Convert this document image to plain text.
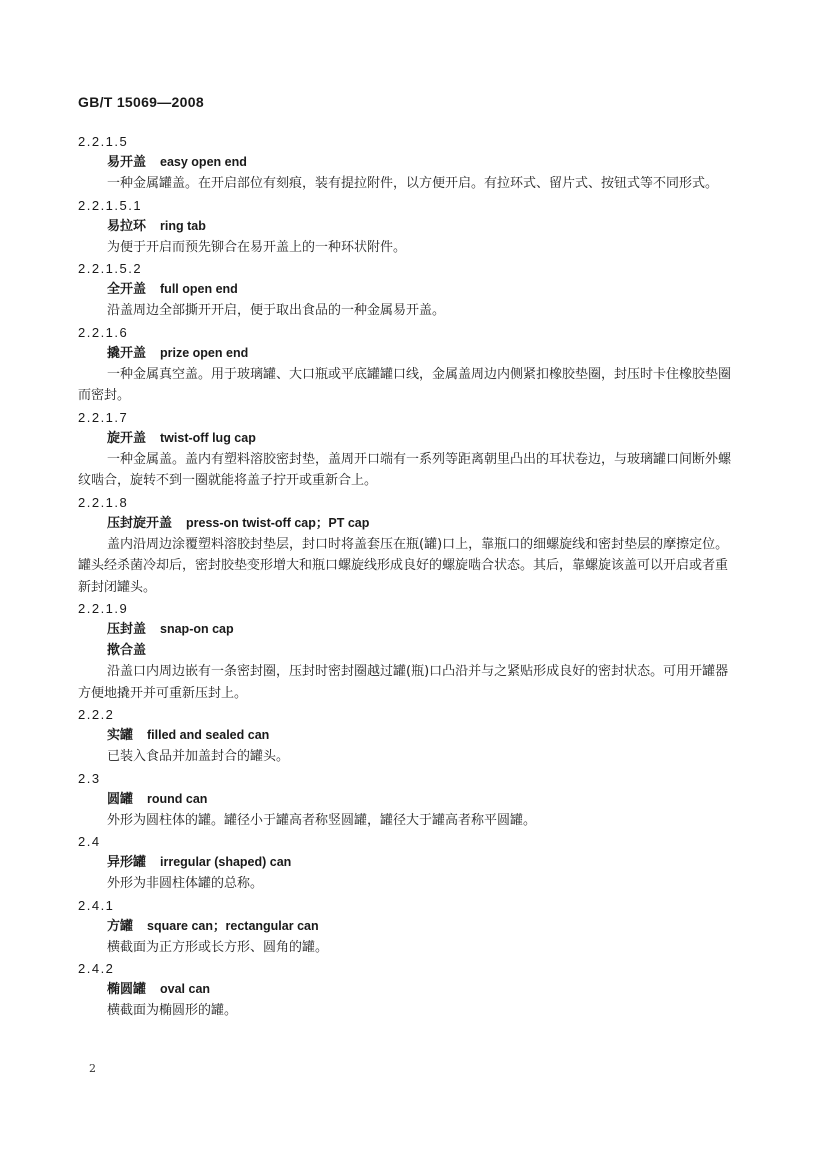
GB/T 15069—2008
2.2.1.5
易开盖 easy open end

一种金属罐盖。在开启部位有刻痕，装有提拉附件，以方便开启。有拉环式、留片式、按钮式等不同形式。

2.2.1.5.1
易拉环 ring tab

为便于开启而预先铆合在易开盖上的一种环状附件。

2.2.1.5.2
全开盖 full open end

沿盖周边全部撕开开启，便于取出食品的一种金属易开盖。

2.2.1.6
撬开盖 prize open end

一种金属真空盖。用于玻璃罐、大口瓶或平底罐罐口线，金属盖周边内侧紧扣橡胶垫圈，封压时卡住橡胶垫圈而密封。

2.2.1.7
旋开盖 twist-off lug cap

一种金属盖。盖内有塑料溶胶密封垫，盖周开口端有一系列等距离朝里凸出的耳状卷边，与玻璃罐口间断外螺纹啮合，旋转不到一圈就能将盖子拧开或重新合上。

2.2.1.8
压封旋开盖 press-on twist-off cap；PT cap

盖内沿周边涂覆塑料溶胶封垫层，封口时将盖套压在瓶(罐)口上，靠瓶口的细螺旋线和密封垫层的摩擦定位。罐头经杀菌冷却后，密封胶垫变形增大和瓶口螺旋线形成良好的螺旋啮合状态。其后，靠螺旋该盖可以开启或者重新封闭罐头。

2.2.1.9
压封盖 snap-on cap
揿合盖

沿盖口内周边嵌有一条密封圈，压封时密封圈越过罐(瓶)口凸沿并与之紧贴形成良好的密封状态。可用开罐器方便地撬开并可重新压封上。

2.2.2
实罐 filled and sealed can

已装入食品并加盖封合的罐头。

2.3
圆罐 round can

外形为圆柱体的罐。罐径小于罐高者称竖圆罐，罐径大于罐高者称平圆罐。

2.4
异形罐 irregular (shaped) can

外形为非圆柱体罐的总称。

2.4.1
方罐 square can；rectangular can

横截面为正方形或长方形、圆角的罐。

2.4.2
椭圆罐 oval can

横截面为椭圆形的罐。

2
